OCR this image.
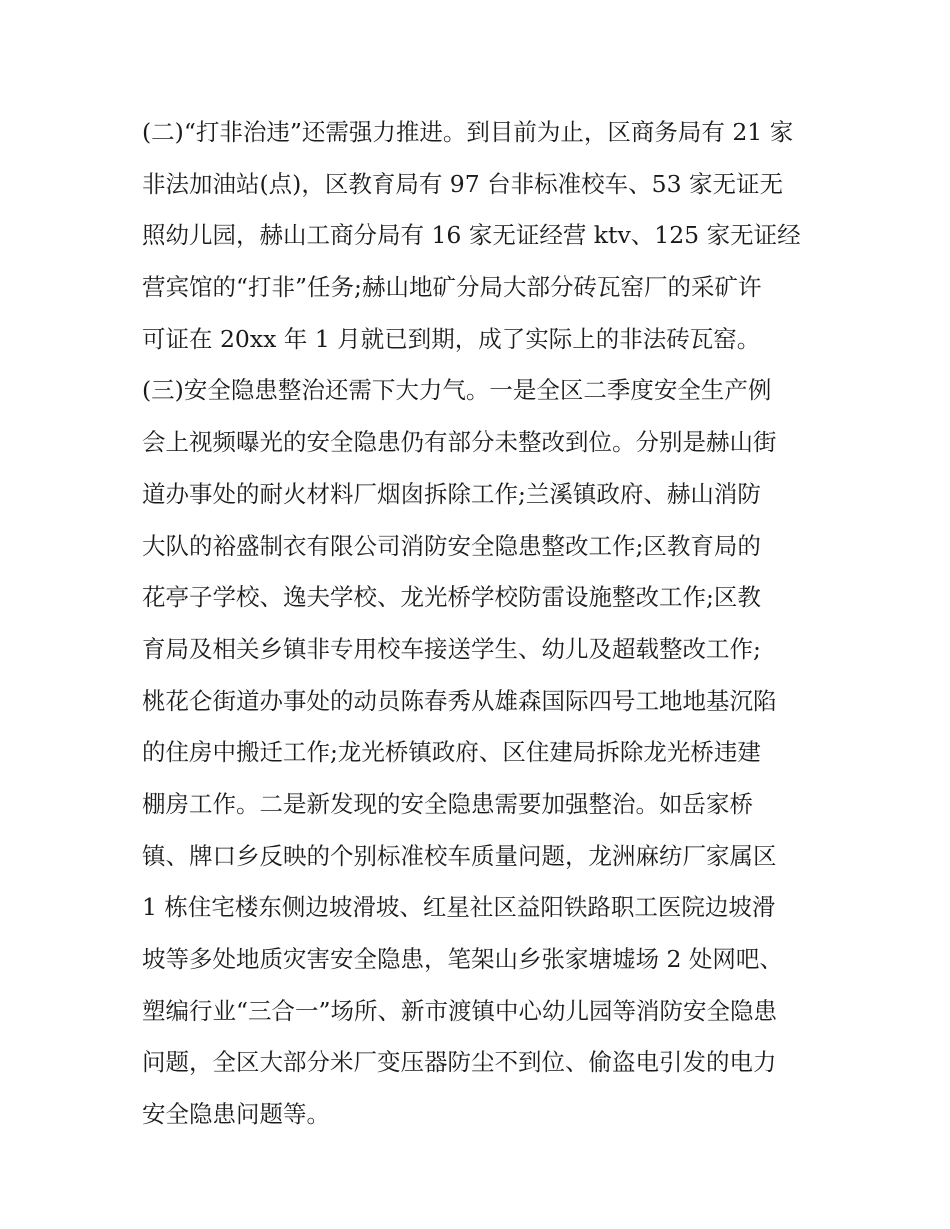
(二)“打非治违”还需强力推进。到目前为止，区商务局有 21 家
非法加油站(点)，区教育局有 97 台非标准校车、53 家无证无
照幼儿园，赫山工商分局有 16 家无证经营 ktv、125 家无证经
营宾馆的“打非”任务;赫山地矿分局大部分砖瓦窑厂的采矿许
可证在 20xx 年 1 月就已到期，成了实际上的非法砖瓦窑。
(三)安全隐患整治还需下大力气。一是全区二季度安全生产例
会上视频曝光的安全隐患仍有部分未整改到位。分别是赫山街
道办事处的耐火材料厂烟囱拆除工作;兰溪镇政府、赫山消防
大队的裕盛制衣有限公司消防安全隐患整改工作;区教育局的
花亭子学校、逸夫学校、龙光桥学校防雷设施整改工作;区教
育局及相关乡镇非专用校车接送学生、幼儿及超载整改工作;
桃花仑街道办事处的动员陈春秀从雄森国际四号工地地基沉陷
的住房中搬迁工作;龙光桥镇政府、区住建局拆除龙光桥违建
棚房工作。二是新发现的安全隐患需要加强整治。如岳家桥
镇、牌口乡反映的个别标准校车质量问题，龙洲麻纺厂家属区
1 栋住宅楼东侧边坡滑坡、红星社区益阳铁路职工医院边坡滑
坡等多处地质灾害安全隐患，笔架山乡张家塘墟场 2 处网吧、
塑编行业“三合一”场所、新市渡镇中心幼儿园等消防安全隐患
问题，全区大部分米厂变压器防尘不到位、偷盗电引发的电力
安全隐患问题等。
